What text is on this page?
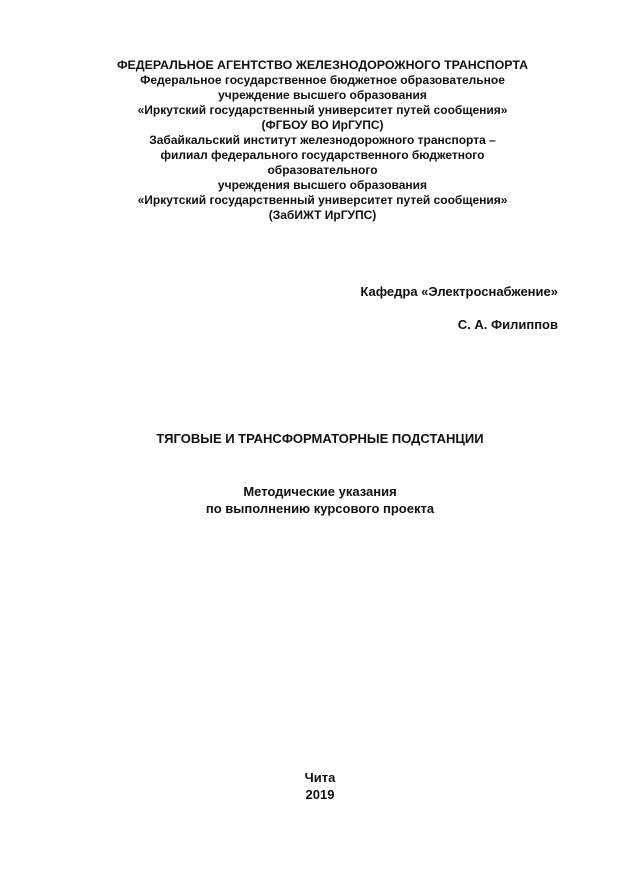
ФЕДЕРАЛЬНОЕ АГЕНТСТВО ЖЕЛЕЗНОДОРОЖНОГО ТРАНСПОРТА
Федеральное государственное бюджетное образовательное
учреждение высшего образования
«Иркутский государственный университет путей сообщения»
(ФГБОУ ВО ИрГУПС)
Забайкальский институт железнодорожного транспорта –
филиал федерального государственного бюджетного
образовательного
учреждения высшего образования
«Иркутский государственный университет путей сообщения»
(ЗабИЖТ ИрГУПС)
Кафедра «Электроснабжение»
С. А. Филиппов
ТЯГОВЫЕ И ТРАНСФОРМАТОРНЫЕ ПОДСТАНЦИИ
Методические указания
по выполнению курсового проекта
Чита
2019
